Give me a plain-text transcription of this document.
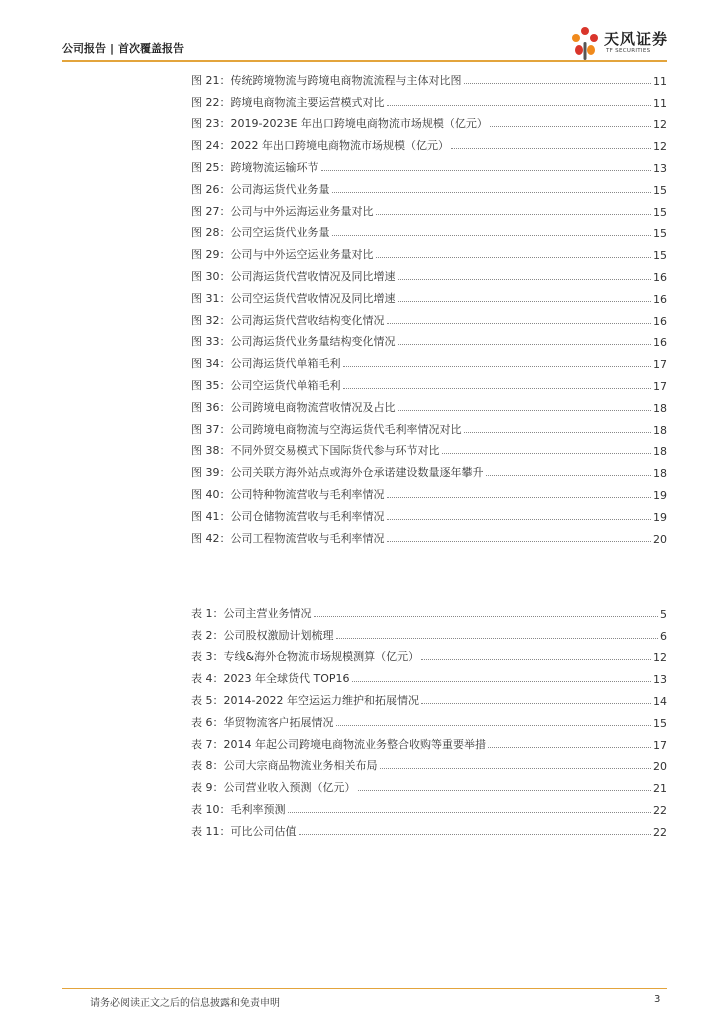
公司报告 | 首次覆盖报告
天风证券
TF SECURITIES
图 21：传统跨境物流与跨境电商物流流程与主体对比图	11
图 22：跨境电商物流主要运营模式对比	11
图 23：2019-2023E 年出口跨境电商物流市场规模（亿元）	12
图 24：2022 年出口跨境电商物流市场规模（亿元）	12
图 25：跨境物流运输环节	13
图 26：公司海运货代业务量	15
图 27：公司与中外运海运业务量对比	15
图 28：公司空运货代业务量	15
图 29：公司与中外运空运业务量对比	15
图 30：公司海运货代营收情况及同比增速	16
图 31：公司空运货代营收情况及同比增速	16
图 32：公司海运货代营收结构变化情况	16
图 33：公司海运货代业务量结构变化情况	16
图 34：公司海运货代单箱毛利	17
图 35：公司空运货代单箱毛利	17
图 36：公司跨境电商物流营收情况及占比	18
图 37：公司跨境电商物流与空海运货代毛利率情况对比	18
图 38：不同外贸交易模式下国际货代参与环节对比	18
图 39：公司关联方海外站点或海外仓承诺建设数量逐年攀升	18
图 40：公司特种物流营收与毛利率情况	19
图 41：公司仓储物流营收与毛利率情况	19
图 42：公司工程物流营收与毛利率情况	20
表 1：公司主营业务情况	5
表 2：公司股权激励计划梳理	6
表 3：专线&海外仓物流市场规模测算（亿元）	12
表 4：2023 年全球货代 TOP16	13
表 5：2014-2022 年空运运力维护和拓展情况	14
表 6：华贸物流客户拓展情况	15
表 7：2014 年起公司跨境电商物流业务整合收购等重要举措	17
表 8：公司大宗商品物流业务相关布局	20
表 9：公司营业收入预测（亿元）	21
表 10：毛利率预测	22
表 11：可比公司估值	22
请务必阅读正文之后的信息披露和免责申明	3
